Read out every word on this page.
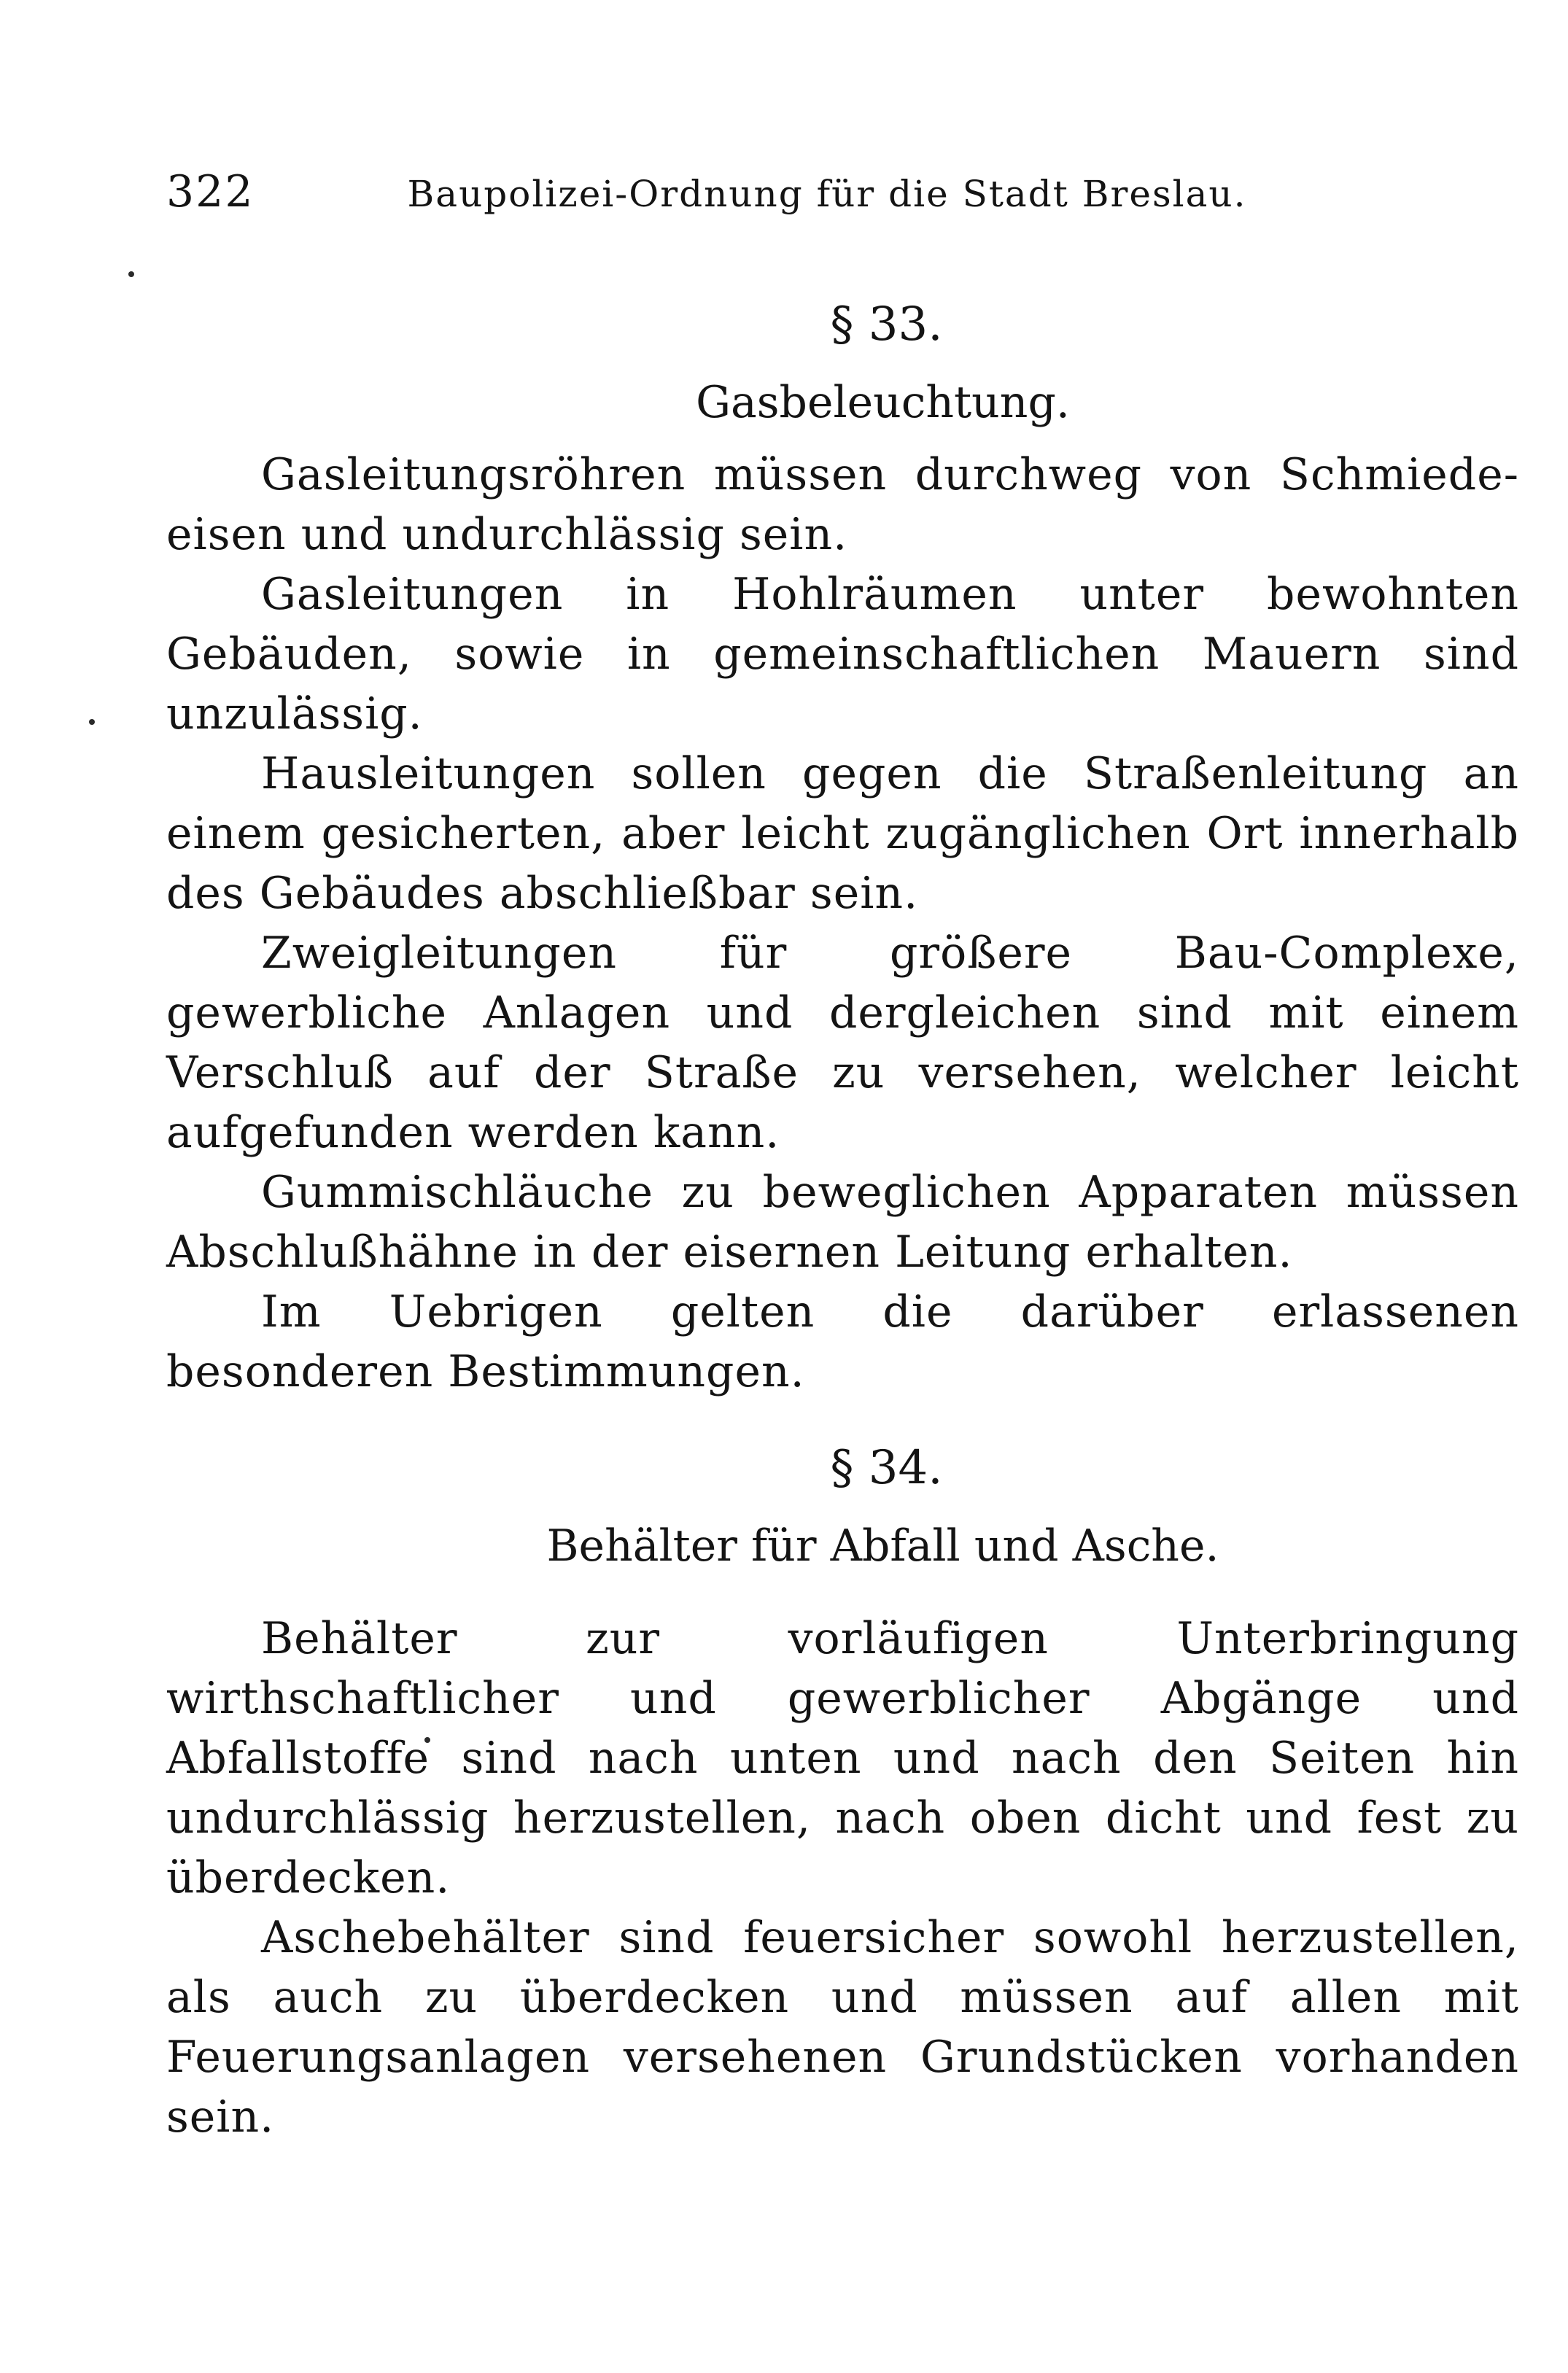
322	Baupolizei-Ordnung für die Stadt Breslau.
§ 33.
Gasbeleuchtung.

Gasleitungsröhren müssen durchweg von Schmiede-eisen und undurchlässig sein.

Gasleitungen in Hohlräumen unter bewohnten Gebäuden, sowie in gemeinschaftlichen Mauern sind unzulässig.

Hausleitungen sollen gegen die Straßenleitung an einem gesicherten, aber leicht zugänglichen Ort innerhalb des Gebäudes abschließbar sein.

Zweigleitungen für größere Bau-Complexe, gewerbliche Anlagen und dergleichen sind mit einem Verschluß auf der Straße zu versehen, welcher leicht aufgefunden werden kann.

Gummischläuche zu beweglichen Apparaten müssen Abschlußhähne in der eisernen Leitung erhalten.

Im Uebrigen gelten die darüber erlassenen besonderen Bestimmungen.

§ 34.
Behälter für Abfall und Asche.

Behälter zur vorläufigen Unterbringung wirthschaftlicher und gewerblicher Abgänge und Abfallstoffe sind nach unten und nach den Seiten hin undurchlässig herzustellen, nach oben dicht und fest zu überdecken.

Aschebehälter sind feuersicher sowohl herzustellen, als auch zu überdecken und müssen auf allen mit Feuerungsanlagen versehenen Grundstücken vorhanden sein.
